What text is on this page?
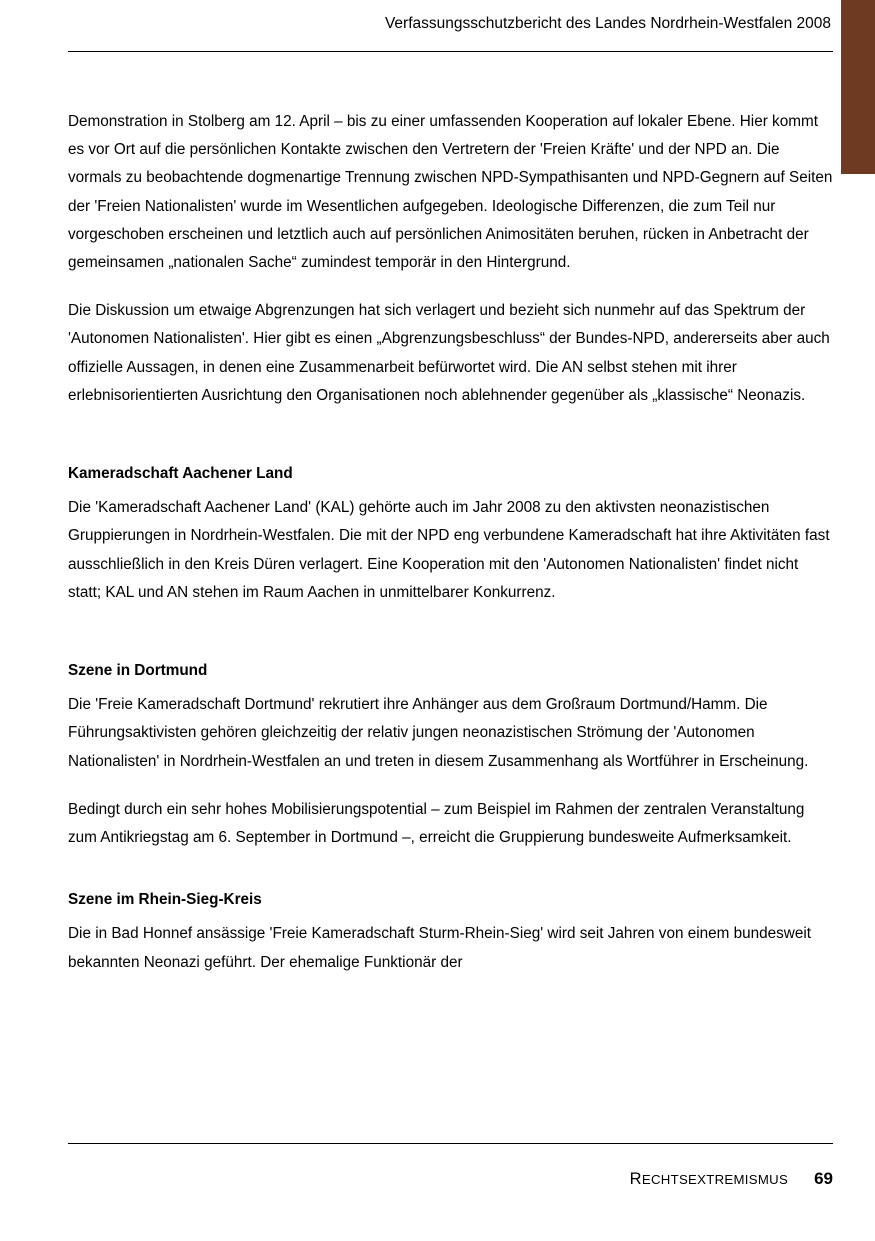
Verfassungsschutzbericht des Landes Nordrhein-Westfalen 2008

Demonstration in Stolberg am 12. April – bis zu einer umfassenden Kooperation auf lokaler Ebene. Hier kommt es vor Ort auf die persönlichen Kontakte zwischen den Vertretern der 'Freien Kräfte' und der NPD an. Die vormals zu beobachtende dogmenartige Trennung zwischen NPD-Sympathisanten und NPD-Gegnern auf Seiten der 'Freien Nationalisten' wurde im Wesentlichen aufgegeben. Ideologische Differenzen, die zum Teil nur vorgeschoben erscheinen und letztlich auch auf persönlichen Animositäten beruhen, rücken in Anbetracht der gemeinsamen „nationalen Sache“ zumindest temporär in den Hintergrund.

Die Diskussion um etwaige Abgrenzungen hat sich verlagert und bezieht sich nunmehr auf das Spektrum der 'Autonomen Nationalisten'. Hier gibt es einen „Abgrenzungsbeschluss“ der Bundes-NPD, andererseits aber auch offizielle Aussagen, in denen eine Zusammenarbeit befürwortet wird. Die AN selbst stehen mit ihrer erlebnisorientierten Ausrichtung den Organisationen noch ablehnender gegenüber als „klassische“ Neonazis.

Kameradschaft Aachener Land

Die 'Kameradschaft Aachener Land' (KAL) gehörte auch im Jahr 2008 zu den aktivsten neonazistischen Gruppierungen in Nordrhein-Westfalen. Die mit der NPD eng verbundene Kameradschaft hat ihre Aktivitäten fast ausschließlich in den Kreis Düren verlagert. Eine Kooperation mit den 'Autonomen Nationalisten' findet nicht statt; KAL und AN stehen im Raum Aachen in unmittelbarer Konkurrenz.

Szene in Dortmund

Die 'Freie Kameradschaft Dortmund' rekrutiert ihre Anhänger aus dem Großraum Dortmund/Hamm. Die Führungsaktivisten gehören gleichzeitig der relativ jungen neonazistischen Strömung der 'Autonomen Nationalisten' in Nordrhein-Westfalen an und treten in diesem Zusammenhang als Wortführer in Erscheinung.

Bedingt durch ein sehr hohes Mobilisierungspotential – zum Beispiel im Rahmen der zentralen Veranstaltung zum Antikriegstag am 6. September in Dortmund –, erreicht die Gruppierung bundesweite Aufmerksamkeit.

Szene im Rhein-Sieg-Kreis

Die in Bad Honnef ansässige 'Freie Kameradschaft Sturm-Rhein-Sieg' wird seit Jahren von einem bundesweit bekannten Neonazi geführt. Der ehemalige Funktionär der

RECHTSEXTREMISMUS 69
